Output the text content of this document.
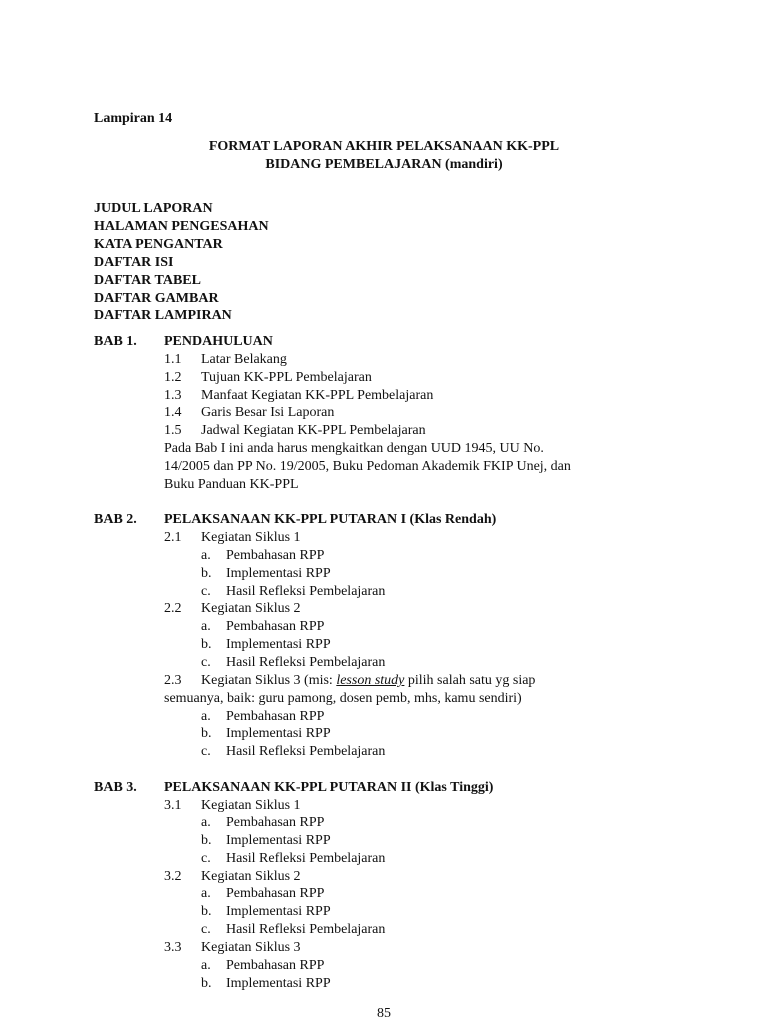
Lampiran 14
FORMAT LAPORAN AKHIR PELAKSANAAN KK-PPL
BIDANG PEMBELAJARAN (mandiri)
JUDUL LAPORAN
HALAMAN PENGESAHAN
KATA PENGANTAR
DAFTAR ISI
DAFTAR TABEL
DAFTAR GAMBAR
DAFTAR LAMPIRAN
BAB 1. PENDAHULUAN
1.1	Latar Belakang
1.2	Tujuan KK-PPL Pembelajaran
1.3	Manfaat Kegiatan KK-PPL Pembelajaran
1.4	Garis Besar Isi Laporan
1.5	Jadwal Kegiatan KK-PPL Pembelajaran
Pada Bab I ini anda harus mengkaitkan dengan UUD 1945, UU No.
14/2005 dan PP No. 19/2005, Buku Pedoman Akademik FKIP Unej, dan
Buku Panduan KK-PPL
BAB 2. PELAKSANAAN KK-PPL PUTARAN I (Klas Rendah)
2.1	Kegiatan Siklus 1
a.	Pembahasan RPP
b.	Implementasi RPP
c.	Hasil Refleksi Pembelajaran
2.2	Kegiatan Siklus 2
a.	Pembahasan RPP
b.	Implementasi RPP
c.	Hasil Refleksi Pembelajaran
2.3	Kegiatan Siklus 3 (mis: lesson study pilih salah satu yg siap
semuanya, baik: guru pamong, dosen pemb, mhs, kamu sendiri)
a.	Pembahasan RPP
b.	Implementasi RPP
c.	Hasil Refleksi Pembelajaran
BAB 3. PELAKSANAAN KK-PPL PUTARAN II (Klas Tinggi)
3.1	Kegiatan Siklus 1
a.	Pembahasan RPP
b.	Implementasi RPP
c.	Hasil Refleksi Pembelajaran
3.2	Kegiatan Siklus 2
a.	Pembahasan RPP
b.	Implementasi RPP
c.	Hasil Refleksi Pembelajaran
3.3	Kegiatan Siklus 3
a.	Pembahasan RPP
b.	Implementasi RPP
85
